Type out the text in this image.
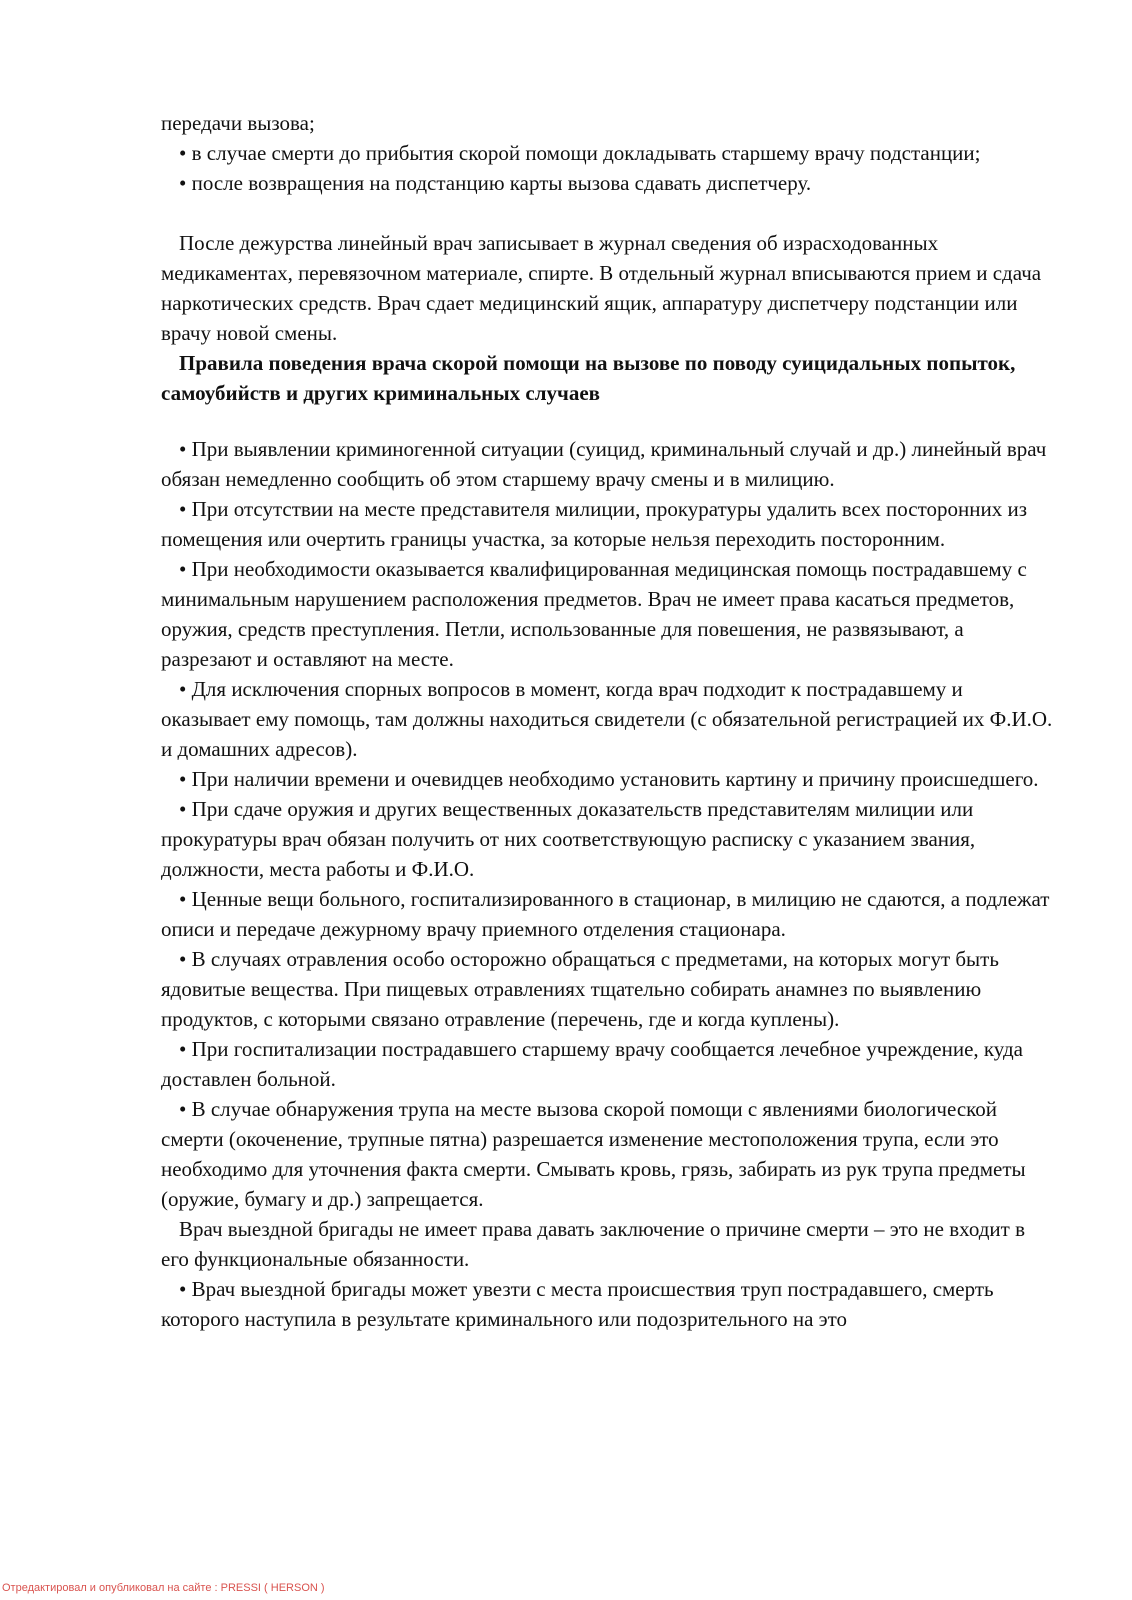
передачи вызова;

• в случае смерти до прибытия скорой помощи докладывать старшему врачу подстанции;

• после возвращения на подстанцию карты вызова сдавать диспетчеру.

После дежурства линейный врач записывает в журнал сведения об израсходованных медикаментах, перевязочном материале, спирте. В отдельный журнал вписываются прием и сдача наркотических средств. Врач сдает медицинский ящик, аппаратуру диспетчеру подстанции или врачу новой смены.

Правила поведения врача скорой помощи на вызове по поводу суицидальных попыток, самоубийств и других криминальных случаев

• При выявлении криминогенной ситуации (суицид, криминальный случай и др.) линейный врач обязан немедленно сообщить об этом старшему врачу смены и в милицию.

• При отсутствии на месте представителя милиции, прокуратуры удалить всех посторонних из помещения или очертить границы участка, за которые нельзя переходить посторонним.

• При необходимости оказывается квалифицированная медицинская помощь пострадавшему с минимальным нарушением расположения предметов. Врач не имеет права касаться предметов, оружия, средств преступления. Петли, использованные для повешения, не развязывают, а разрезают и оставляют на месте.

• Для исключения спорных вопросов в момент, когда врач подходит к пострадавшему и оказывает ему помощь, там должны находиться свидетели (с обязательной регистрацией их Ф.И.О. и домашних адресов).

• При наличии времени и очевидцев необходимо установить картину и причину происшедшего.

• При сдаче оружия и других вещественных доказательств представителям милиции или прокуратуры врач обязан получить от них соответствующую расписку с указанием звания, должности, места работы и Ф.И.О.

• Ценные вещи больного, госпитализированного в стационар, в милицию не сдаются, а подлежат описи и передаче дежурному врачу приемного отделения стационара.

• В случаях отравления особо осторожно обращаться с предметами, на которых могут быть ядовитые вещества. При пищевых отравлениях тщательно собирать анамнез по выявлению продуктов, с которыми связано отравление (перечень, где и когда куплены).

• При госпитализации пострадавшего старшему врачу сообщается лечебное учреждение, куда доставлен больной.

• В случае обнаружения трупа на месте вызова скорой помощи с явлениями биологической смерти (окоченение, трупные пятна) разрешается изменение местоположения трупа, если это необходимо для уточнения факта смерти. Смывать кровь, грязь, забирать из рук трупа предметы (оружие, бумагу и др.) запрещается.

Врач выездной бригады не имеет права давать заключение о причине смерти – это не входит в его функциональные обязанности.

• Врач выездной бригады может увезти с места происшествия труп пострадавшего, смерть которого наступила в результате криминального или подозрительного на это

Отредактировал и опубликовал на сайте : PRESSI ( HERSON )
